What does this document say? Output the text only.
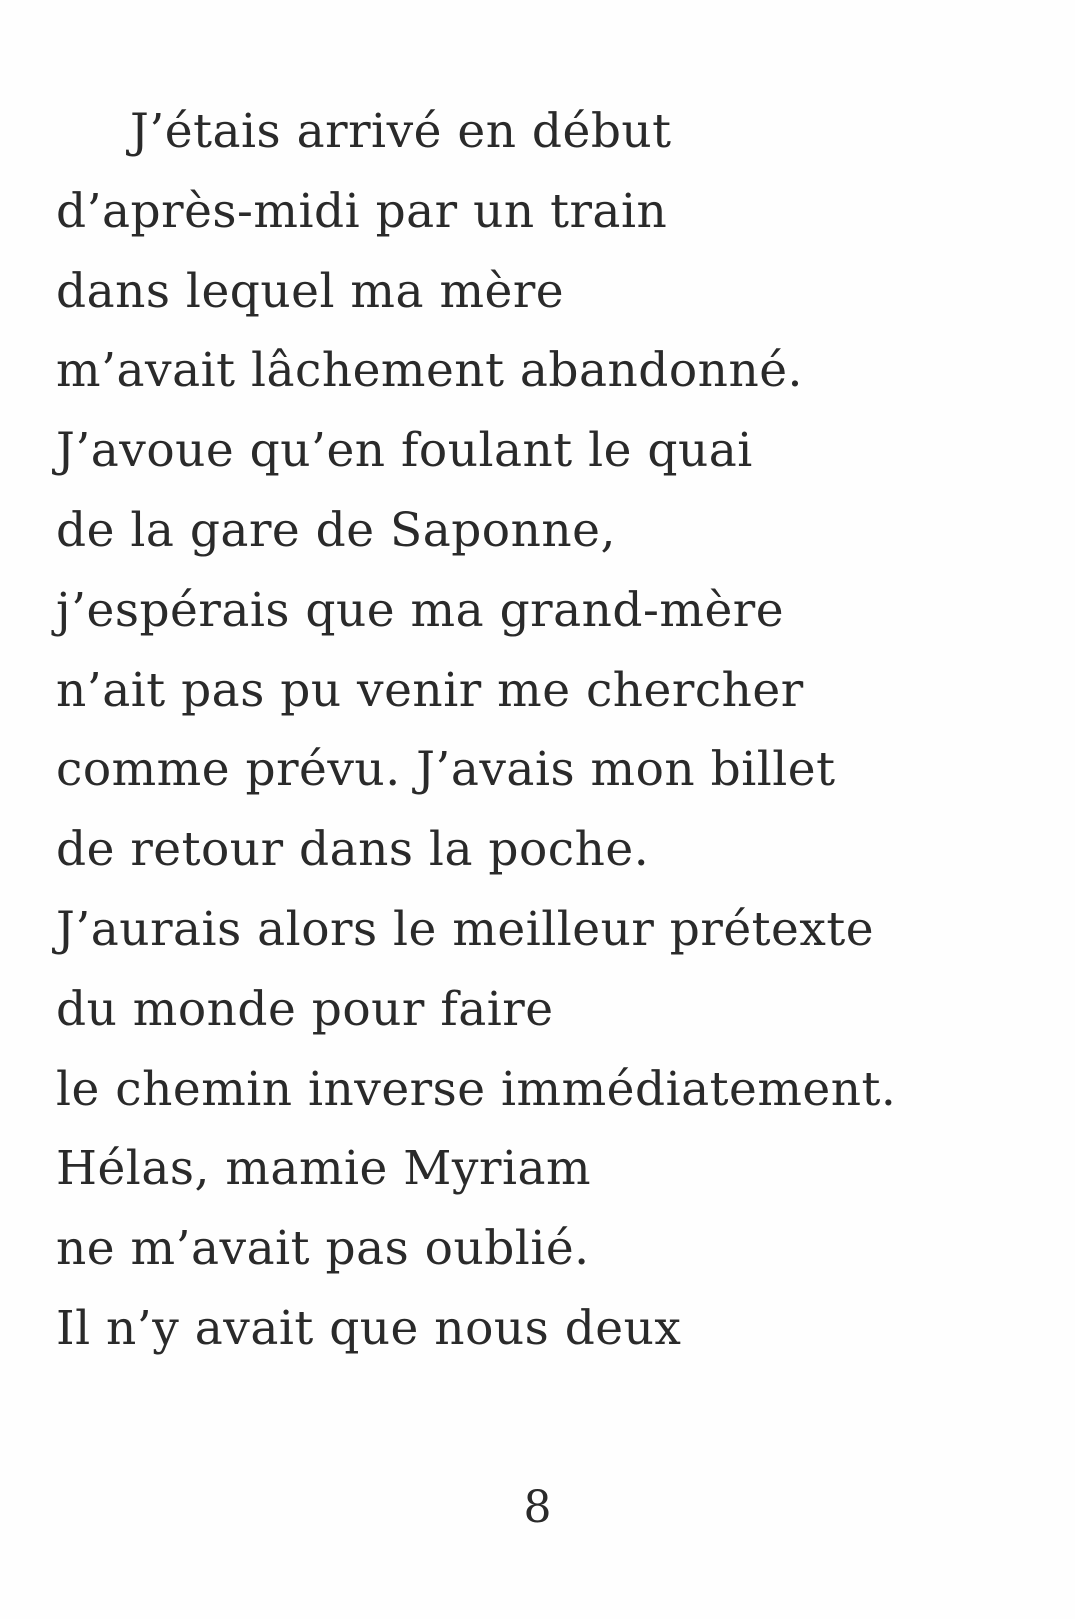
J’étais arrivé en début
d’après-midi par un train
dans lequel ma mère
m’avait lâchement abandonné.
J’avoue qu’en foulant le quai
de la gare de Saponne,
j’espérais que ma grand-mère
n’ait pas pu venir me chercher
comme prévu. J’avais mon billet
de retour dans la poche.
J’aurais alors le meilleur prétexte
du monde pour faire
le chemin inverse immédiatement.
Hélas, mamie Myriam
ne m’avait pas oublié.
Il n’y avait que nous deux
8
